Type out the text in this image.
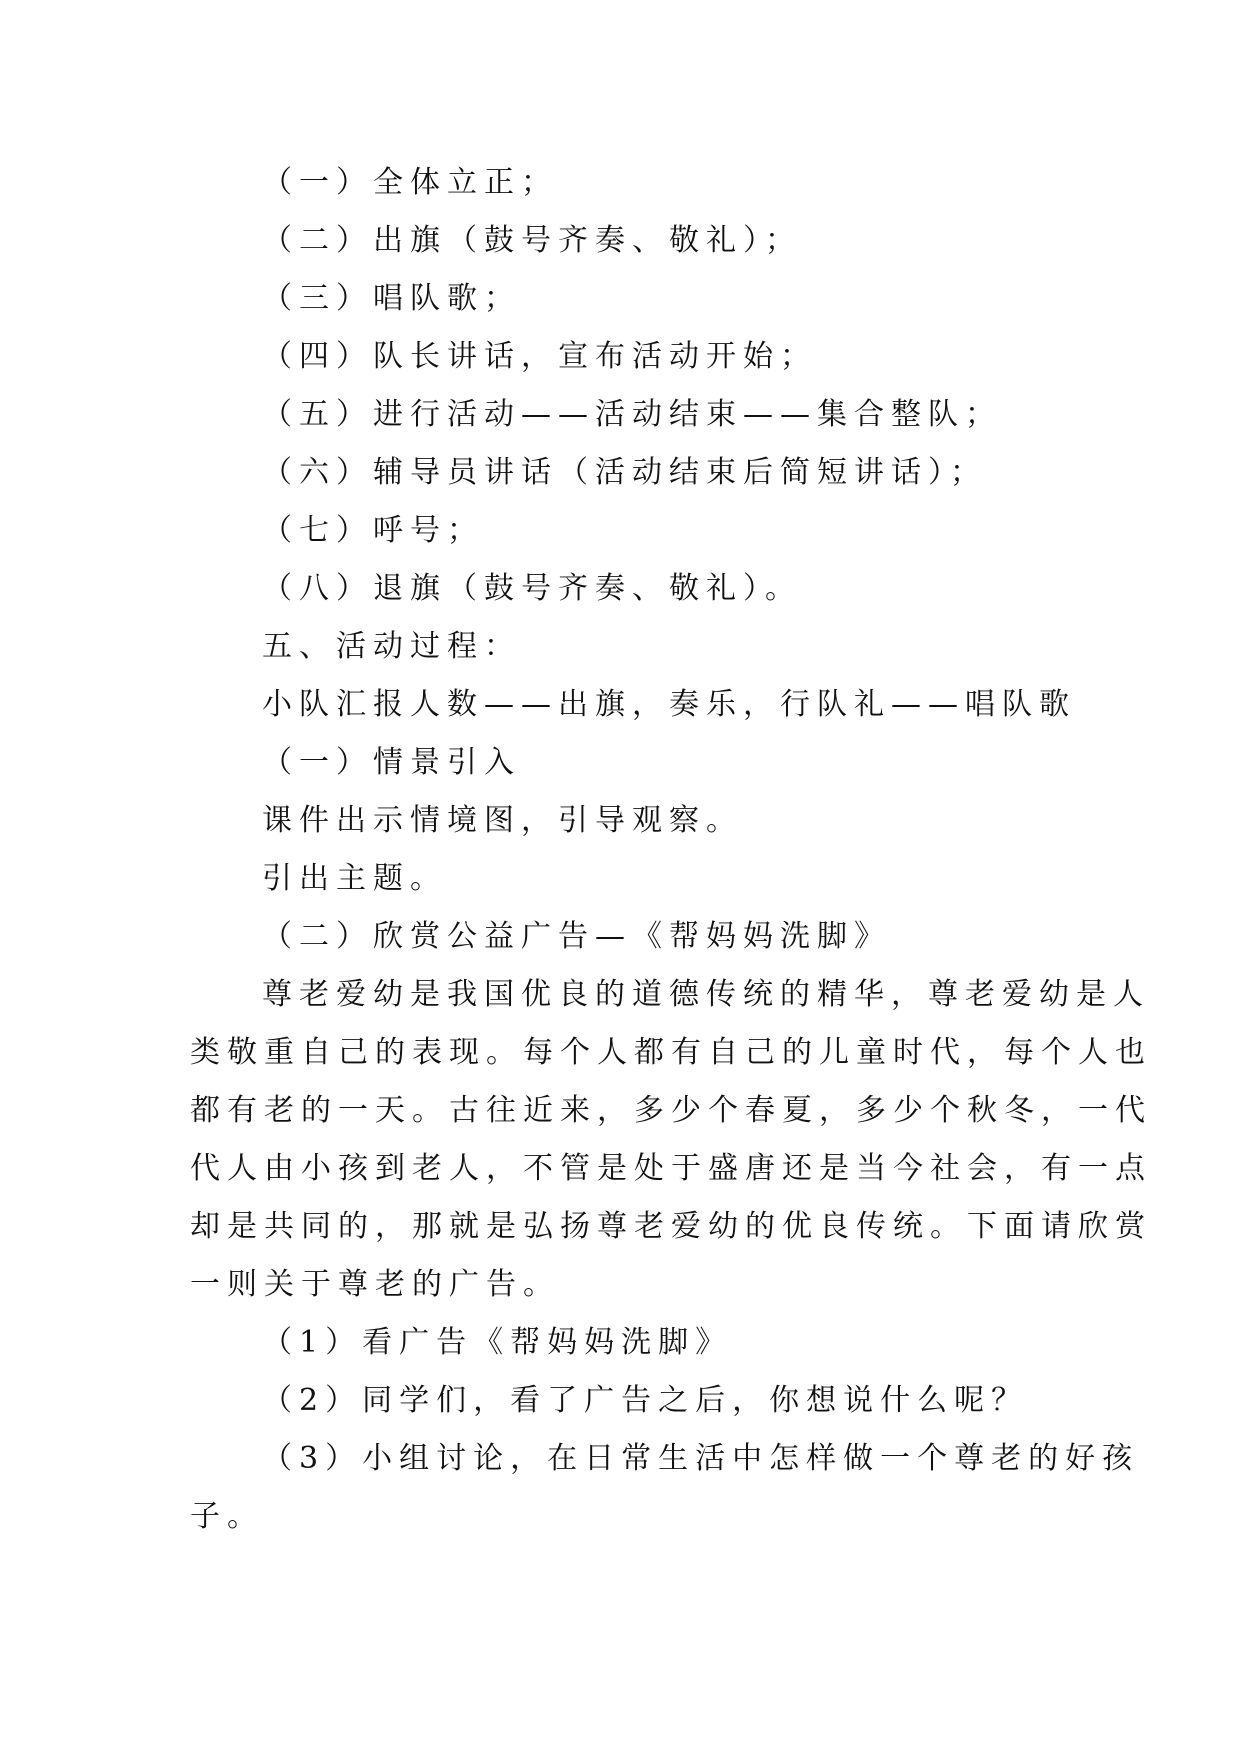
（一）全体立正；
（二）出旗（鼓号齐奏、敬礼）；
（三）唱队歌；
（四）队长讲话，宣布活动开始；
（五）进行活动——活动结束——集合整队；
（六）辅导员讲话（活动结束后简短讲话）；
（七）呼号；
（八）退旗（鼓号齐奏、敬礼）。
五、活动过程：
小队汇报人数——出旗，奏乐，行队礼——唱队歌
（一）情景引入
课件出示情境图，引导观察。
引出主题。
（二）欣赏公益广告—《帮妈妈洗脚》
尊老爱幼是我国优良的道德传统的精华，尊老爱幼是人
类敬重自己的表现。每个人都有自己的儿童时代，每个人也
都有老的一天。古往近来，多少个春夏，多少个秋冬，一代
代人由小孩到老人，不管是处于盛唐还是当今社会，有一点
却是共同的，那就是弘扬尊老爱幼的优良传统。下面请欣赏
一则关于尊老的广告。
（1）看广告《帮妈妈洗脚》
（2）同学们，看了广告之后，你想说什么呢？
（3）小组讨论，在日常生活中怎样做一个尊老的好孩
子。
